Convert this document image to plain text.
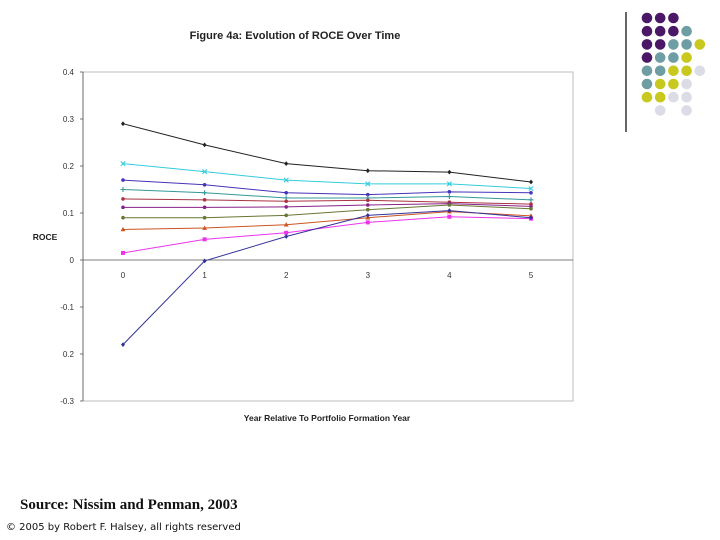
Figure 4a: Evolution of ROCE Over Time
ROCE
Year Relative To Portfolio Formation Year
0.4
0.3
0.2
0.1
0
-0.1
0.2
-0.3
0	1	2	3	4	5
Source: Nissim and Penman, 2003
© 2005 by Robert F. Halsey, all rights reserved
